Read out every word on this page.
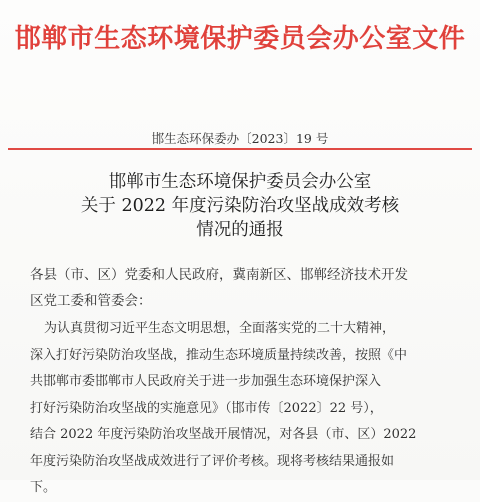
邯郸市生态环境保护委员会办公室文件
邯生态环保委办〔2023〕19 号
邯郸市生态环境保护委员会办公室
关于 2022 年度污染防治攻坚战成效考核
情况的通报
各县（市、区）党委和人民政府，冀南新区、邯郸经济技术开发
区党工委和管委会：
为认真贯彻习近平生态文明思想，全面落实党的二十大精神，
深入打好污染防治攻坚战，推动生态环境质量持续改善，按照《中
共邯郸市委邯郸市人民政府关于进一步加强生态环境保护深入
打好污染防治攻坚战的实施意见》（邯市传〔2022〕22 号），
结合 2022 年度污染防治攻坚战开展情况，对各县（市、区）2022
年度污染防治攻坚战成效进行了评价考核。现将考核结果通报如
下。
